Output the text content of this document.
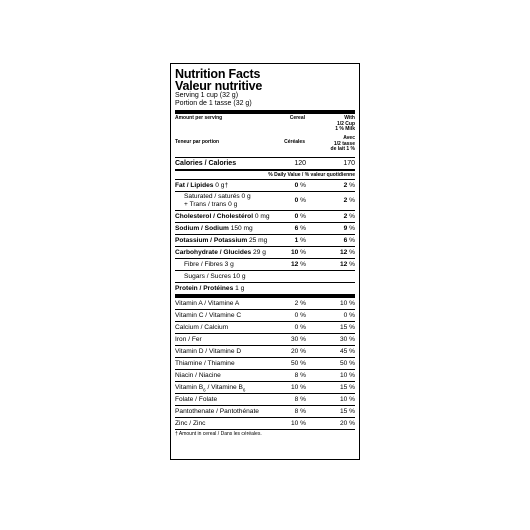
Nutrition Facts
Valeur nutritive
Serving 1 cup (32 g)
Portion de 1 tasse (32 g)
Amount per serving	Cereal	With
1/2 Cup
1 % Milk
Teneur par portion	Céréales
Avec
1/2 tasse
de lait 1 %
Calories / Calories	120	170
% Daily Value / % valeur quotidienne
Fat / Lipides 0 g†	0 %	2 %
Saturated / saturés 0 g
+ Trans / trans 0 g
0 %	2 %
Cholesterol / Cholestérol 0 mg	0 %	2 %
Sodium / Sodium 150 mg	6 %	9 %
Potassium / Potassium 25 mg	1 %	6 %
Carbohydrate / Glucides 29 g	10 %	12 %
Fibre / Fibres 3 g	12 %	12 %
Sugars / Sucres 10 g
Protein / Protéines 1 g
Vitamin A / Vitamine A	2 %	10 %
Vitamin C / Vitamine C	0 %	0 %
Calcium / Calcium	0 %	15 %
Iron / Fer	30 %	30 %
Vitamin D / Vitamine D	20 %	45 %
Thiamine / Thiamine	50 %	50 %
Niacin / Niacine	8 %	10 %
Vitamin $B_6$ / Vitamine $B_6$	10 %	15 %
Folate / Folate	8 %	10 %
Pantothenate / Pantothénate	8 %	15 %
Zinc / Zinc	10 %	20 %
† Amount in cereal / Dans les céréales.
